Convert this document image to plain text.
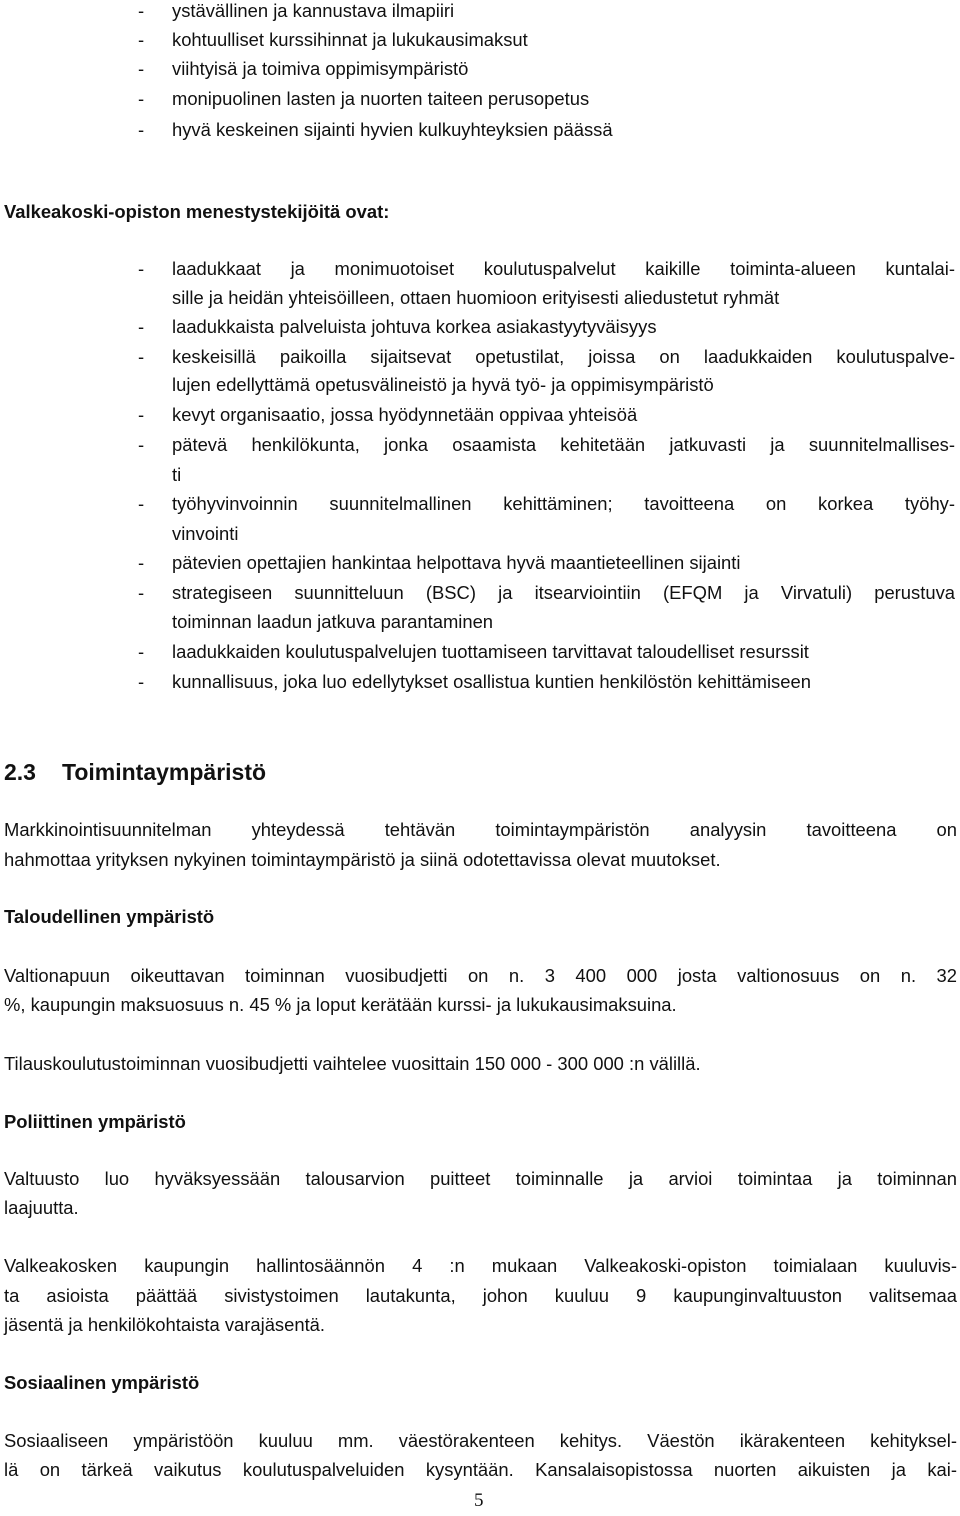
- ystävällinen ja kannustava ilmapiiri
- kohtuulliset kurssihinnat ja lukukausimaksut
- viihtyisä ja toimiva oppimisympäristö
- monipuolinen lasten ja nuorten taiteen perusopetus
- hyvä keskeinen sijainti hyvien kulkuyhteyksien päässä
Valkeakoski-opiston menestystekijöitä ovat:
- laadukkaat ja monimuotoiset koulutuspalvelut kaikille toiminta-alueen kuntalai-
sille ja heidän yhteisöilleen, ottaen huomioon erityisesti aliedustetut ryhmät
- laadukkaista palveluista johtuva korkea asiakastyytyväisyys
- keskeisillä paikoilla sijaitsevat opetustilat, joissa on laadukkaiden koulutuspalve-
lujen edellyttämä opetusvälineistö ja hyvä työ- ja oppimisympäristö
- kevyt organisaatio, jossa hyödynnetään oppivaa yhteisöä
- pätevä henkilökunta, jonka osaamista kehitetään jatkuvasti ja suunnitelmallises-
ti
- työhyvinvoinnin suunnitelmallinen kehittäminen; tavoitteena on korkea työhy-
vinvointi
- pätevien opettajien hankintaa helpottava hyvä maantieteellinen sijainti
- strategiseen suunnitteluun (BSC) ja itsearviointiin (EFQM ja Virvatuli) perustuva
toiminnan laadun jatkuva parantaminen
- laadukkaiden koulutuspalvelujen tuottamiseen tarvittavat taloudelliset resurssit
- kunnallisuus, joka luo edellytykset osallistua kuntien henkilöstön kehittämiseen
2.3 Toimintaympäristö
Markkinointisuunnitelman yhteydessä tehtävän toimintaympäristön analyysin tavoitteena on
hahmottaa yrityksen nykyinen toimintaympäristö ja siinä odotettavissa olevat muutokset.
Taloudellinen ympäristö
Valtionapuun oikeuttavan toiminnan vuosibudjetti on n. 3 400 000 josta valtionosuus on n. 32
%, kaupungin maksuosuus n. 45 % ja loput kerätään kurssi- ja lukukausimaksuina.
Tilauskoulutustoiminnan vuosibudjetti vaihtelee vuosittain 150 000 - 300 000 :n välillä.
Poliittinen ympäristö
Valtuusto luo hyväksyessään talousarvion puitteet toiminnalle ja arvioi toimintaa ja toiminnan
laajuutta.
Valkeakosken kaupungin hallintosäännön 4 :n mukaan Valkeakoski-opiston toimialaan kuuluvis-
ta asioista päättää sivistystoimen lautakunta, johon kuuluu 9 kaupunginvaltuuston valitsemaa
jäsentä ja henkilökohtaista varajäsentä.
Sosiaalinen ympäristö
Sosiaaliseen ympäristöön kuuluu mm. väestörakenteen kehitys. Väestön ikärakenteen kehityksel-
lä on tärkeä vaikutus koulutuspalveluiden kysyntään. Kansalaisopistossa nuorten aikuisten ja kai-
5
